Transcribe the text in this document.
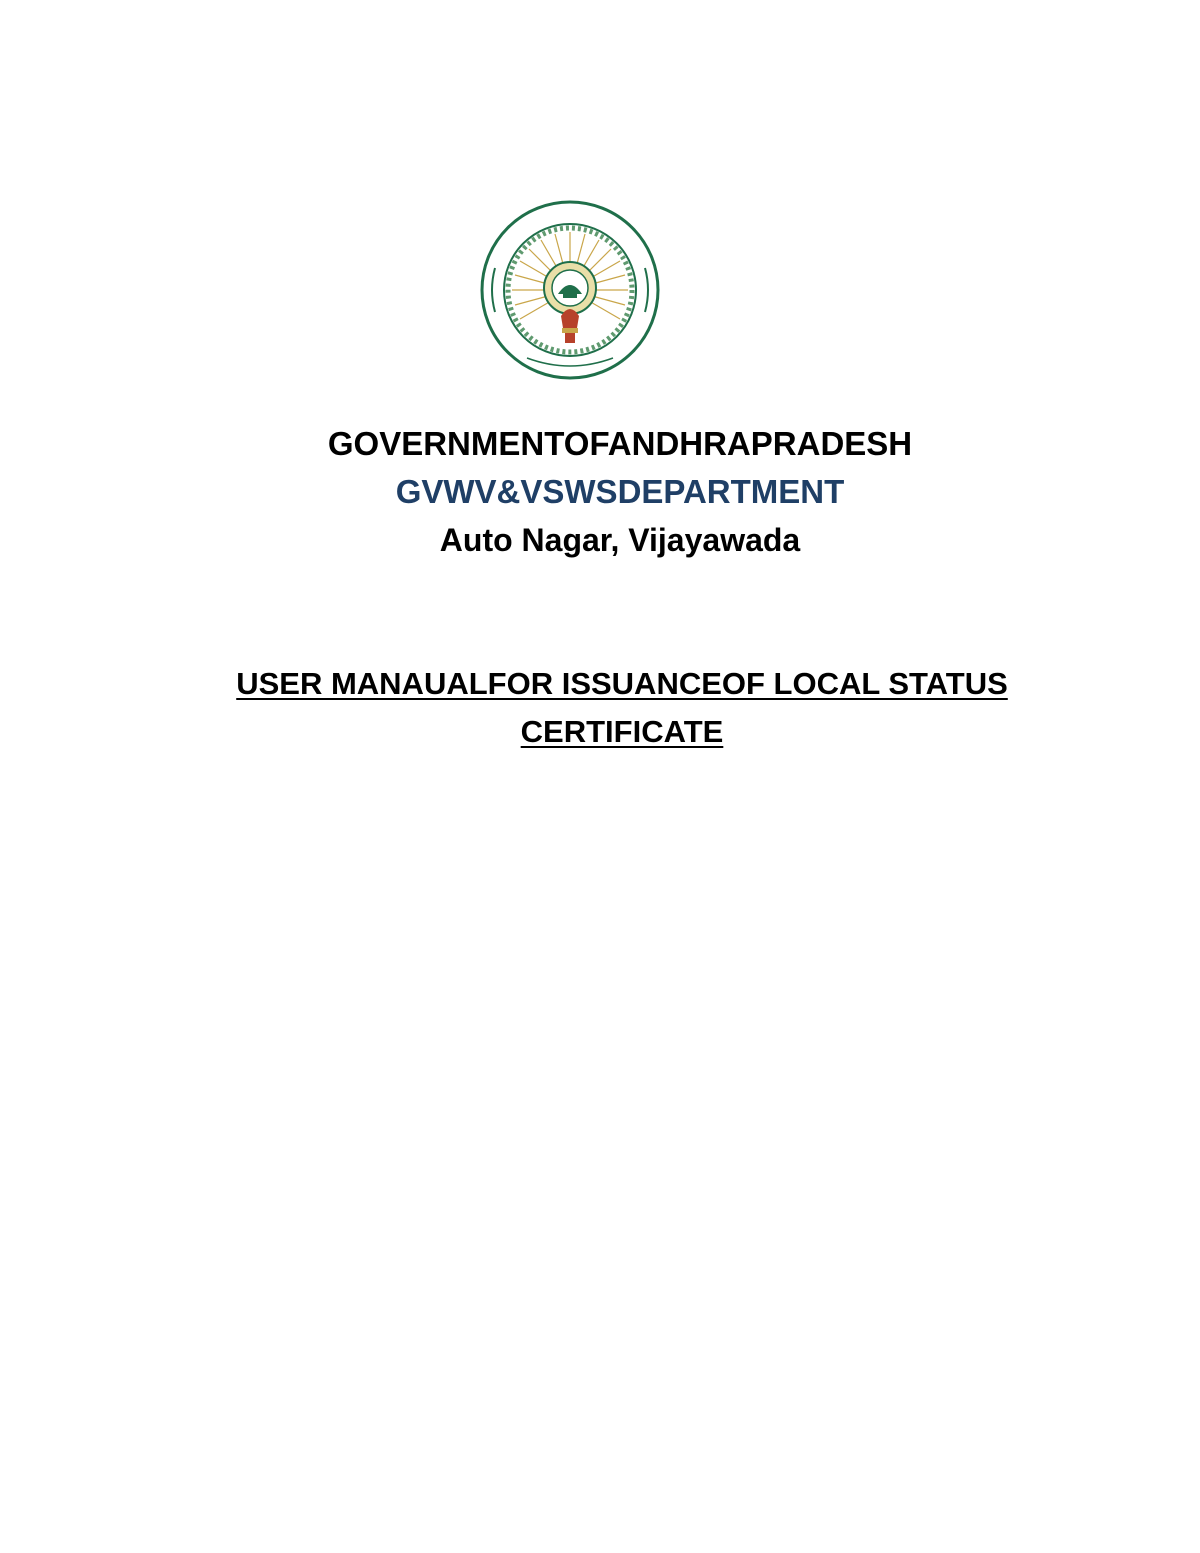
GOVERNMENTOFANDHRAPRADESH

GVWV&VSWSDEPARTMENT

Auto Nagar, Vijayawada

USER MANAUALFOR ISSUANCEOF LOCAL STATUS

CERTIFICATE
